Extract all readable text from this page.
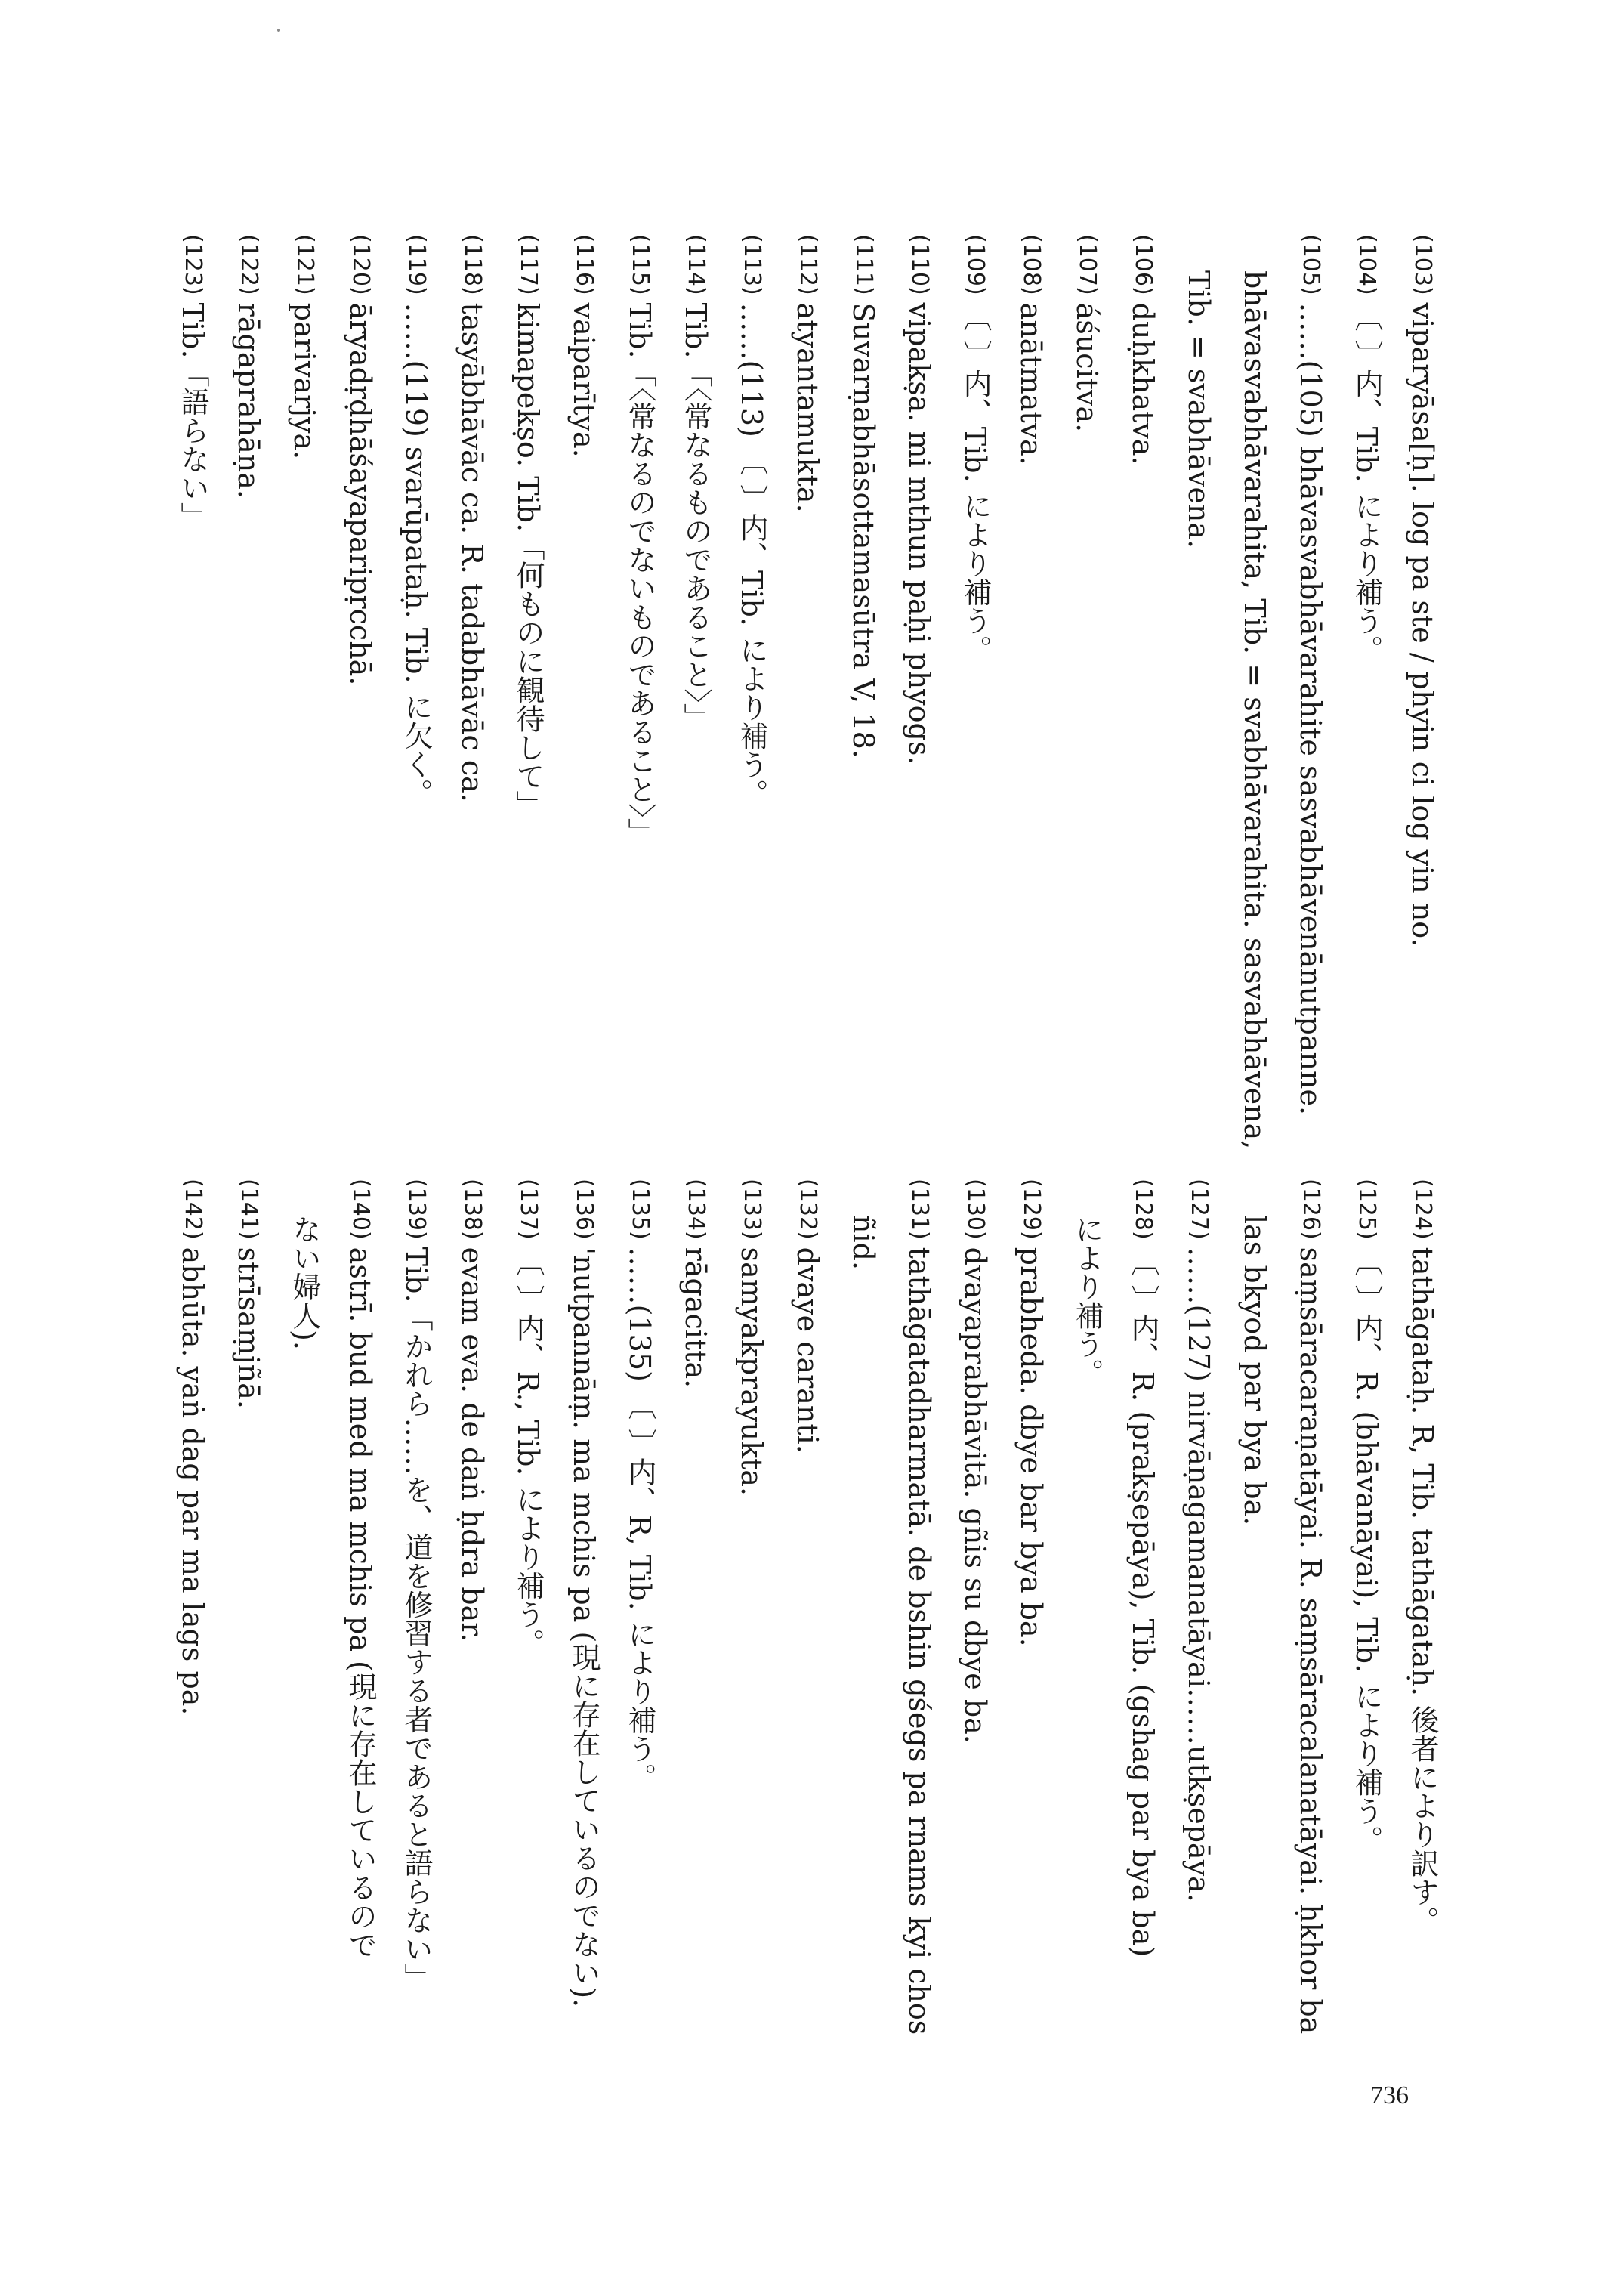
(103)viparyāsa[ḥ]. log pa ste / phyin ci log yin no.
(104)〔 〕内、Tib. により補う。
(105)……(105) bhāvasvabhāvarahite sasvabhāvenānutpanne.
bhāvasvabhāvarahita, Tib. = svabhāvarahita. sasvabhāvena,
Tib. = svabhāvena.
(106)duḥkhatva.
(107)áśucitva.
(108)anātmatva.
(109)〔 〕内、Tib. により補う。
(110)vipakṣa. mi mthun paḥi phyogs.
(111)Suvarṇabhāsottamasūtra V, 18.
(112)atyantamukta.
(113)……(113) 〔 〕内、Tib. により補う。
(114)Tib.「〈常なるものであること〉」
(115)Tib.「〈常なるのでないものであること〉」
(116)vaiparītya.
(117)kimapekṣo. Tib.「何ものに観待して」
(118)tasyābhāvāc ca. R. tadabhāvāc ca.
(119)……(119) svarūpataḥ. Tib. に欠く。
(120)āryadṛḍhāśayaparipṛcchā.
(121)parivarjya.
(122)rāgaprahāṇa.
(123)Tib.「語らない」
(124)tathāgataḥ. R, Tib. tathāgataḥ. 後者により訳す。
(125)〔 〕内、R. (bhāvanāyai), Tib. により補う。
(126)saṃsāracaraṇatāyai. R. saṃsāracalanatāyai. ḥkhor ba
las bkyod par bya ba.
(127)……(127) nirvāṇagamanatāyai……utkṣepāya.
(128)〔 〕内、R. (prakṣepāya), Tib. (gshag par bya ba)
により補う。
(129)prabheda. dbye bar bya ba.
(130)dvayaprabhāvitā. gñis su dbye ba.
(131)tathāgatadharmatā. de bshin gśegs pa rnams kyi chos
ñid.
(132)dvaye caranti.
(133)samyakprayukta.
(134)rāgacitta.
(135)……(135) 〔 〕内、R, Tib. により補う。
(136)'nutpannāṃ. ma mchis pa (現に存在しているのでない).
(137)〔 〕内、R., Tib. により補う。
(138)evam eva. de daṅ ḥdra bar.
(139)Tib.「かれら……を、道を修習する者であると語らない」
(140)astrī. bud med ma mchis pa (現に存在しているので
ない婦人).
(141)strīsaṃjñā.
(142)abhūta. yaṅ dag par ma lags pa.
736
